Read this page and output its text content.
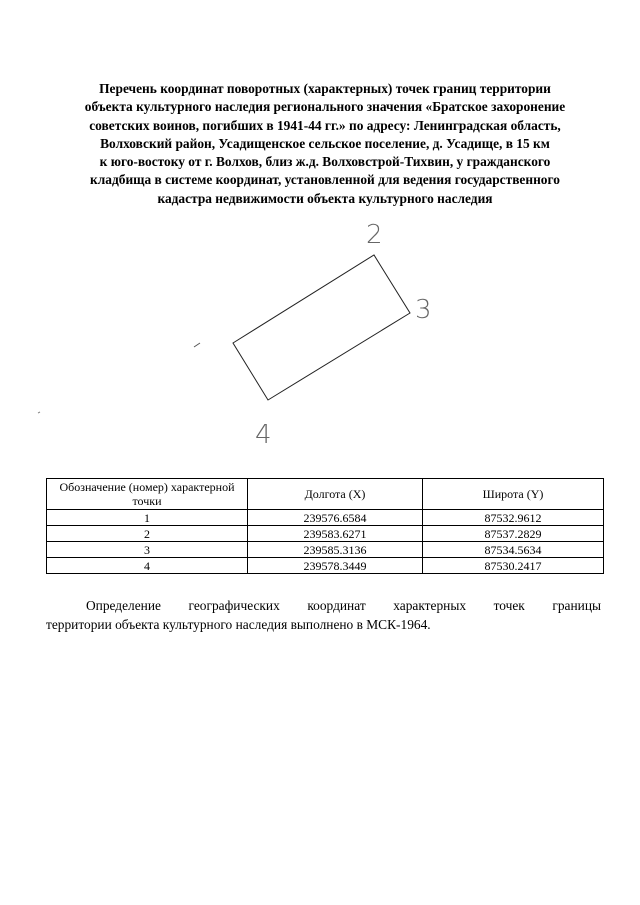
Перечень координат поворотных (характерных) точек границ территории
объекта культурного наследия регионального значения «Братское захоронение
советских воинов, погибших в 1941-44 гг.» по адресу: Ленинградская область,
Волховский район, Усадищенское сельское поселение, д. Усадище, в 15 км
к юго-востоку от г. Волхов, близ ж.д. Волховстрой-Тихвин, у гражданского
кладбища в системе координат, установленной для ведения государственного
кадастра недвижимости объекта культурного наследия
2
3
4
Обозначение (номер) характерной точки	Долгота (X)	Широта (Y)
1	239576.6584	87532.9612
2	239583.6271	87537.2829
3	239585.3136	87534.5634
4	239578.3449	87530.2417
Определение географических координат характерных точек границы
территории объекта культурного наследия выполнено в МСК-1964.
